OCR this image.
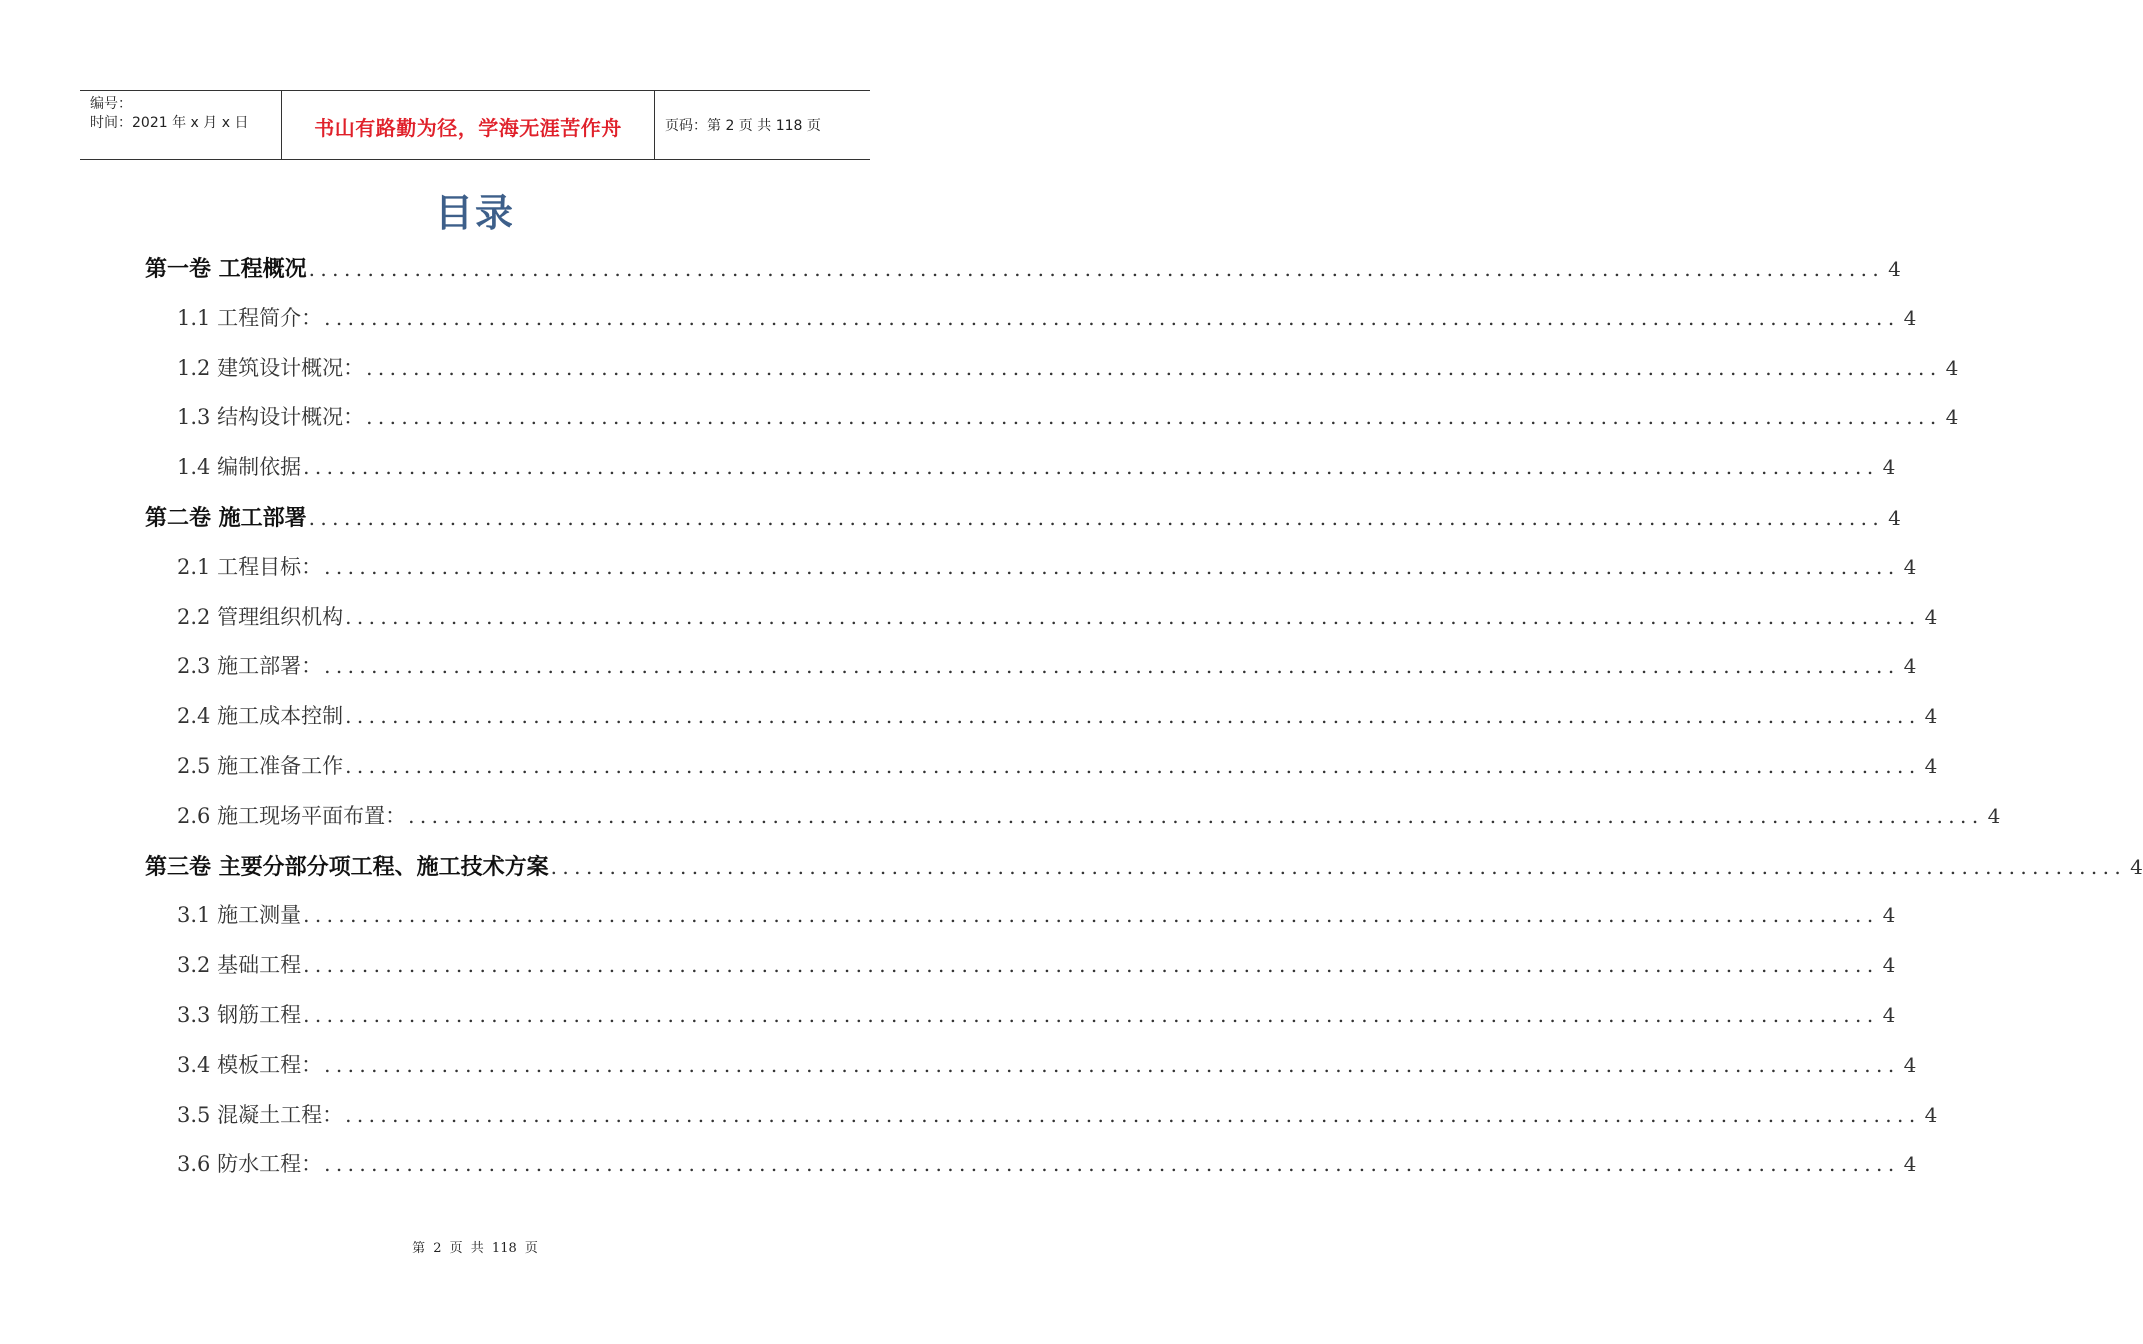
编号：
时间：2021 年 x 月 x 日	书山有路勤为径，学海无涯苦作舟	页码：第 2 页 共 118 页
目录
第一卷 工程概况 ...................................................................................................................................... 4
1.1 工程简介： ...................................................................................................................................... 4
1.2 建筑设计概况： ...................................................................................................................................... 4
1.3 结构设计概况： ...................................................................................................................................... 4
1.4 编制依据 ...................................................................................................................................... 4
第二卷 施工部署 ...................................................................................................................................... 4
2.1 工程目标： ...................................................................................................................................... 4
2.2 管理组织机构 ...................................................................................................................................... 4
2.3 施工部署： ...................................................................................................................................... 4
2.4 施工成本控制 ...................................................................................................................................... 4
2.5 施工准备工作 ...................................................................................................................................... 4
2.6 施工现场平面布置： ...................................................................................................................................... 4
第三卷 主要分部分项工程、施工技术方案 ...................................................................................................................................... 4
3.1 施工测量 ...................................................................................................................................... 4
3.2 基础工程 ...................................................................................................................................... 4
3.3 钢筋工程 ...................................................................................................................................... 4
3.4 模板工程： ...................................................................................................................................... 4
3.5 混凝土工程： ...................................................................................................................................... 4
3.6 防水工程： ...................................................................................................................................... 4
第 2 页 共 118 页
